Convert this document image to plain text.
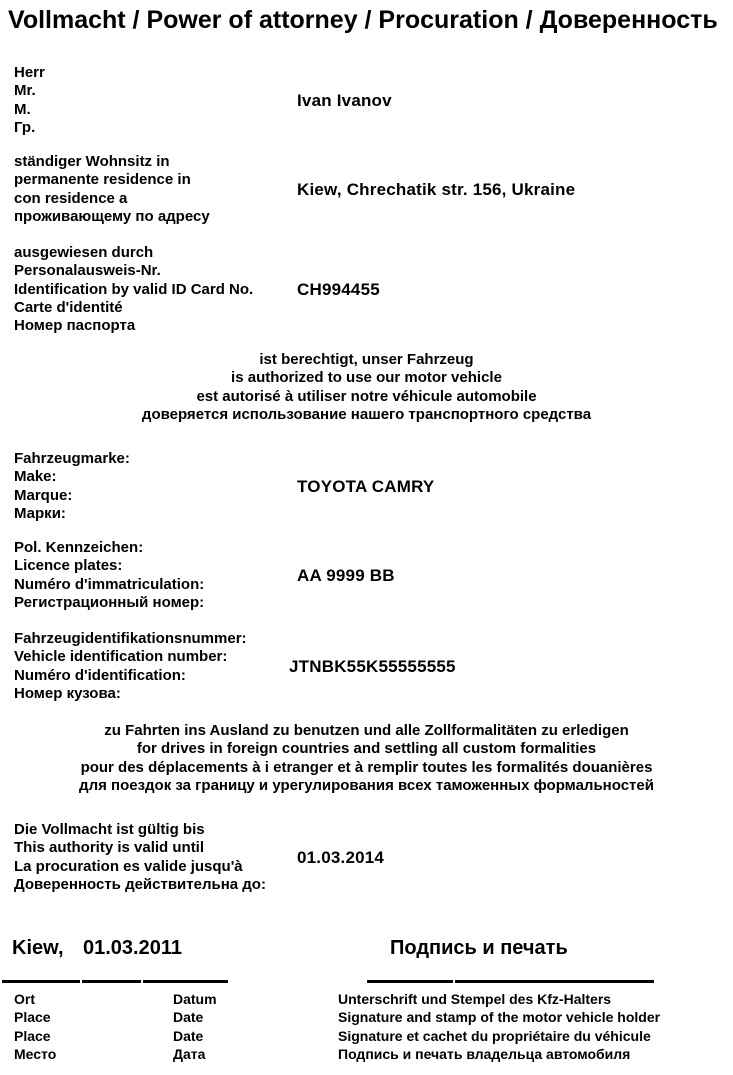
Vollmacht / Power of attorney / Procuration / Доверенность
Herr
Mr.
M.
Гр.
Ivan Ivanov
ständiger Wohnsitz in
permanente residence in
con residence a
проживающему по адресу
Kiew, Chrechatik str. 156, Ukraine
ausgewiesen durch
Personalausweis-Nr.
Identification by valid ID Card No.
Carte d'identité
Номер паспорта
CH994455
ist berechtigt, unser Fahrzeug
is authorized to use our motor vehicle
est autorisé à utiliser notre véhicule automobile
доверяется использование нашего транспортного средства
Fahrzeugmarke:
Make:
Marque:
Марки:
TOYOTA CAMRY
Pol. Kennzeichen:
Licence plates:
Numéro d'immatriculation:
Регистрационный номер:
AA 9999 BB
Fahrzeugidentifikationsnummer:
Vehicle identification number:
Numéro d'identification:
Номер кузова:
JTNBK55K55555555
zu Fahrten ins Ausland zu benutzen und alle Zollformalitäten zu erledigen
for drives in foreign countries and settling all custom formalities
pour des déplacements à i etranger et à remplir toutes les formalités douanières
для поездок за границу и урегулирования всех таможенных формальностей
Die Vollmacht ist gültig bis
This authority is valid until
La procuration es valide jusqu'à
Доверенность действительна до:
01.03.2014
Kiew, 01.03.2011	Подпись и печать
Ort
Place
Place
Место
Datum
Date
Date
Дата
Unterschrift und Stempel des Kfz-Halters
Signature and stamp of the motor vehicle holder
Signature et cachet du propriétaire du véhicule
Подпись и печать владельца автомобиля
